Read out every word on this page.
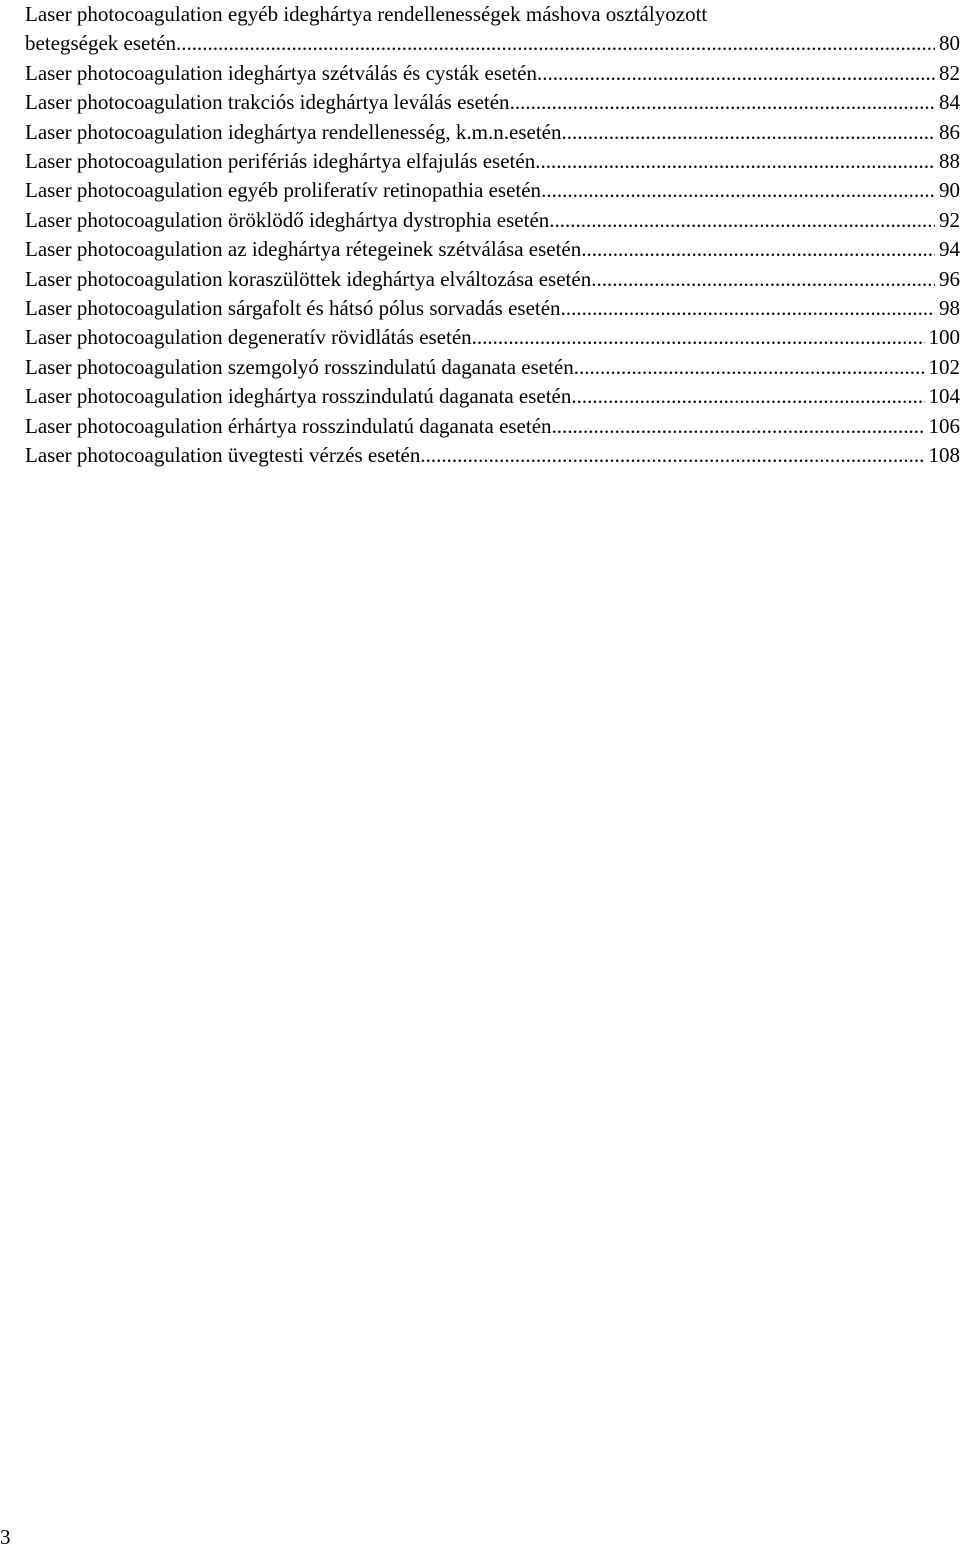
Laser photocoagulation egyéb ideghártya rendellenességek máshova osztályozott
betegségek esetén .....	80
Laser photocoagulation ideghártya szétválás és cysták esetén .....	82
Laser photocoagulation trakciós ideghártya leválás esetén .....	84
Laser photocoagulation ideghártya rendellenesség, k.m.n.esetén .....	86
Laser photocoagulation perifériás ideghártya elfajulás esetén .....	88
Laser photocoagulation egyéb proliferatív retinopathia esetén .....	90
Laser photocoagulation öröklödő ideghártya dystrophia esetén .....	92
Laser photocoagulation az ideghártya rétegeinek szétválása esetén .....	94
Laser photocoagulation koraszülöttek ideghártya elváltozása esetén .....	96
Laser photocoagulation sárgafolt és hátsó pólus sorvadás esetén .....	98
Laser photocoagulation degeneratív rövidlátás esetén .....	100
Laser photocoagulation szemgolyó rosszindulatú daganata esetén .....	102
Laser photocoagulation ideghártya rosszindulatú daganata esetén .....	104
Laser photocoagulation érhártya rosszindulatú daganata esetén .....	106
Laser photocoagulation üvegtesti vérzés esetén .....	108
3
